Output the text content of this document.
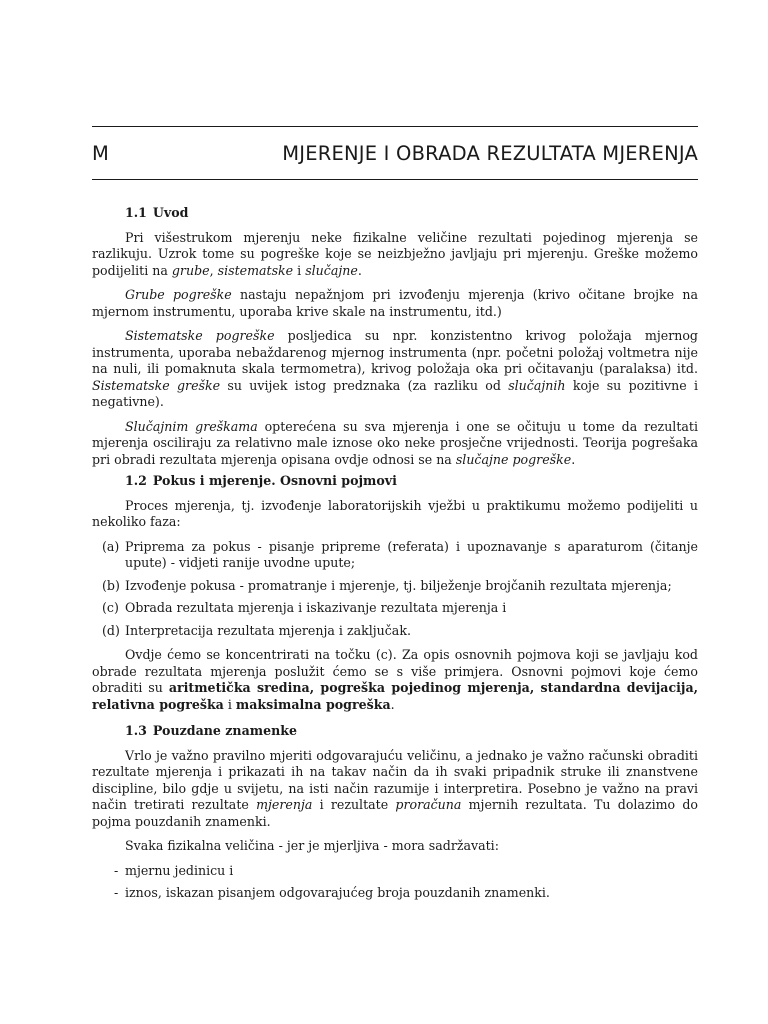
M	MJERENJE I OBRADA REZULTATA MJERENJA
1.1 Uvod

Pri višestrukom mjerenju neke fizikalne veličine rezultati pojedinog mjerenja se razlikuju. Uzrok tome su pogreške koje se neizbježno javljaju pri mjerenju. Greške možemo podijeliti na grube, sistematske i slučajne.

Grube pogreške nastaju nepažnjom pri izvođenju mjerenja (krivo očitane brojke na mjernom instrumentu, uporaba krive skale na instrumentu, itd.)

Sistematske pogreške posljedica su npr. konzistentno krivog položaja mjernog instrumenta, uporaba nebaždarenog mjernog instrumenta (npr. početni položaj voltmetra nije na nuli, ili pomaknuta skala termometra), krivog položaja oka pri očitavanju (paralaksa) itd. Sistematske greške su uvijek istog predznaka (za razliku od slučajnih koje su pozitivne i negativne).

Slučajnim greškama opterećena su sva mjerenja i one se očituju u tome da rezultati mjerenja osciliraju za relativno male iznose oko neke prosječne vrijednosti. Teorija pogrešaka pri obradi rezultata mjerenja opisana ovdje odnosi se na slučajne pogreške.

1.2 Pokus i mjerenje. Osnovni pojmovi

Proces mjerenja, tj. izvođenje laboratorijskih vježbi u praktikumu možemo podijeliti u nekoliko faza:

(a) Priprema za pokus - pisanje pripreme (referata) i upoznavanje s aparaturom (čitanje upute) - vidjeti ranije uvodne upute;
(b) Izvođenje pokusa - promatranje i mjerenje, tj. bilježenje brojčanih rezultata mjerenja;
(c) Obrada rezultata mjerenja i iskazivanje rezultata mjerenja i
(d) Interpretacija rezultata mjerenja i zaključak.

Ovdje ćemo se koncentrirati na točku (c). Za opis osnovnih pojmova koji se javljaju kod obrade rezultata mjerenja poslužit ćemo se s više primjera. Osnovni pojmovi koje ćemo obraditi su aritmetička sredina, pogreška pojedinog mjerenja, standardna devijacija, relativna pogreška i maksimalna pogreška.

1.3 Pouzdane znamenke

Vrlo je važno pravilno mjeriti odgovarajuću veličinu, a jednako je važno računski obraditi rezultate mjerenja i prikazati ih na takav način da ih svaki pripadnik struke ili znanstvene discipline, bilo gdje u svijetu, na isti način razumije i interpretira. Posebno je važno na pravi način tretirati rezultate mjerenja i rezultate proračuna mjernih rezultata. Tu dolazimo do pojma pouzdanih znamenki.

Svaka fizikalna veličina - jer je mjerljiva - mora sadržavati:

- mjernu jedinicu i
- iznos, iskazan pisanjem odgovarajućeg broja pouzdanih znamenki.
